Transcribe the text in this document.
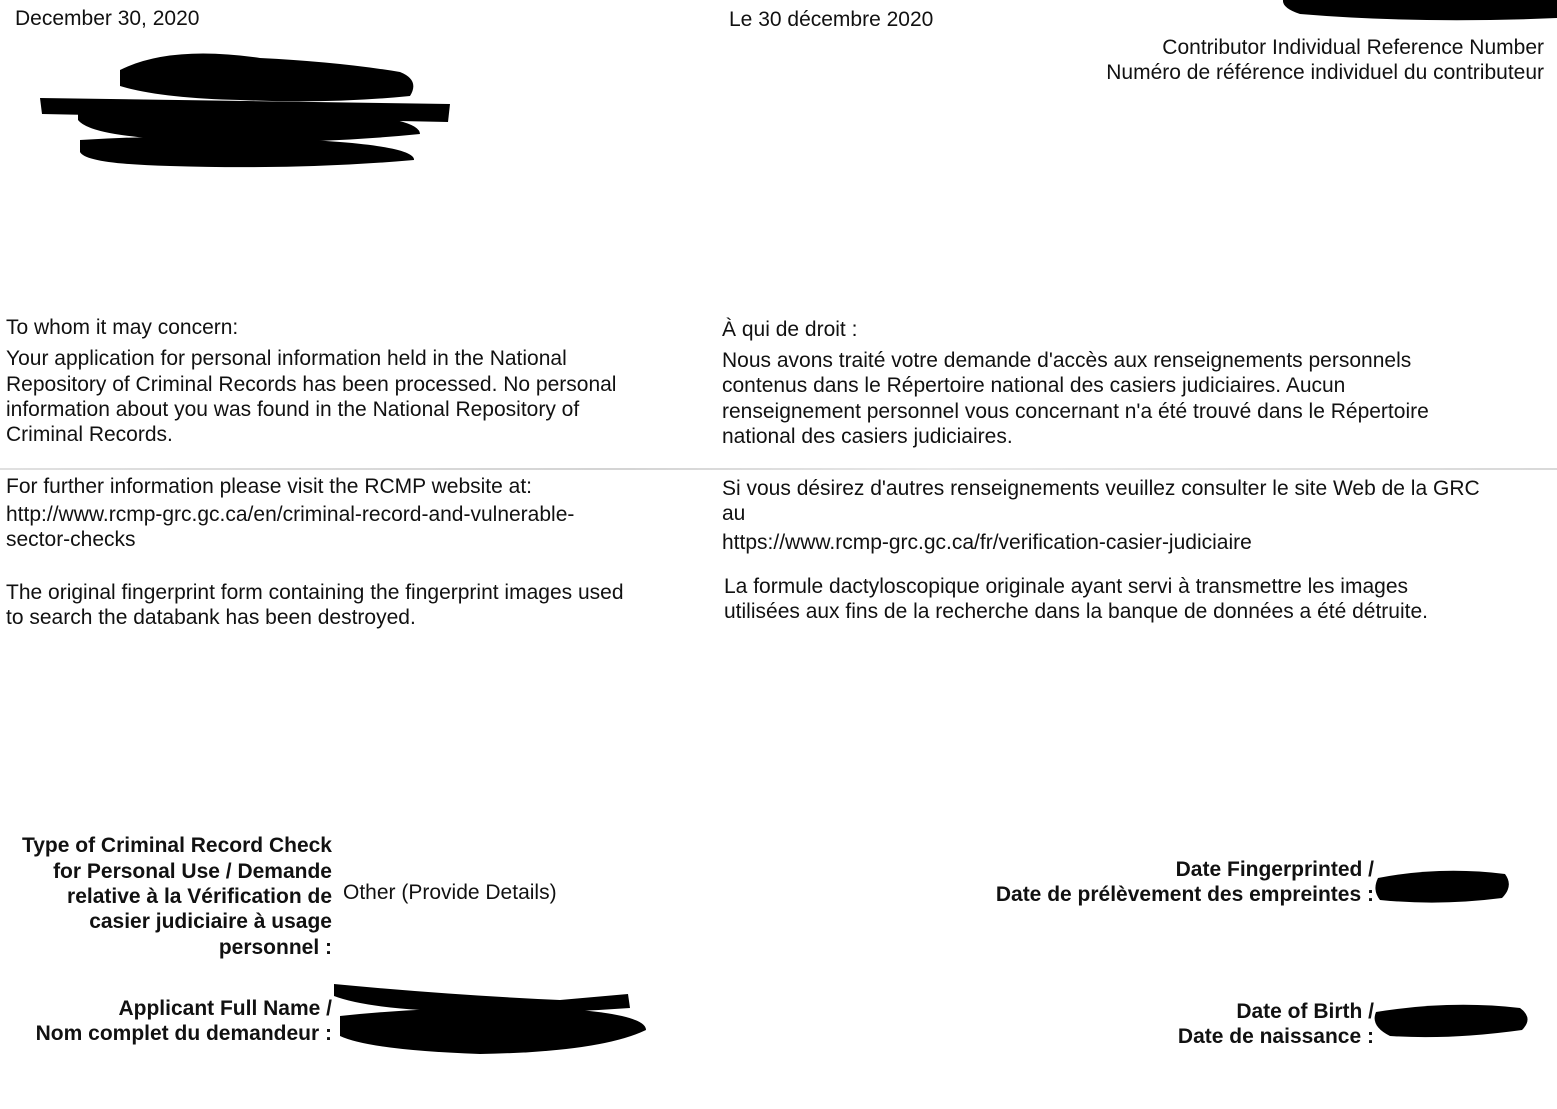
December 30, 2020	Le 30 décembre 2020
Contributor Individual Reference Number
Numéro de référence individuel du contributeur
To whom it may concern:
Your application for personal information held in the National
Repository of Criminal Records has been processed. No personal
information about you was found in the National Repository of
Criminal Records.
For further information please visit the RCMP website at:
http://www.rcmp-grc.gc.ca/en/criminal-record-and-vulnerable-
sector-checks
The original fingerprint form containing the fingerprint images used
to search the databank has been destroyed.
À qui de droit :
Nous avons traité votre demande d'accès aux renseignements personnels
contenus dans le Répertoire national des casiers judiciaires. Aucun
renseignement personnel vous concernant n'a été trouvé dans le Répertoire
national des casiers judiciaires.
Si vous désirez d'autres renseignements veuillez consulter le site Web de la GRC
au
https://www.rcmp-grc.gc.ca/fr/verification-casier-judiciaire
La formule dactyloscopique originale ayant servi à transmettre les images
utilisées aux fins de la recherche dans la banque de données a été détruite.
Type of Criminal Record Check
for Personal Use / Demande
relative à la Vérification de
casier judiciaire à usage
personnel :
Other (Provide Details)
Applicant Full Name /
Nom complet du demandeur :
Date Fingerprinted /
Date de prélèvement des empreintes :
Date of Birth /
Date de naissance :
